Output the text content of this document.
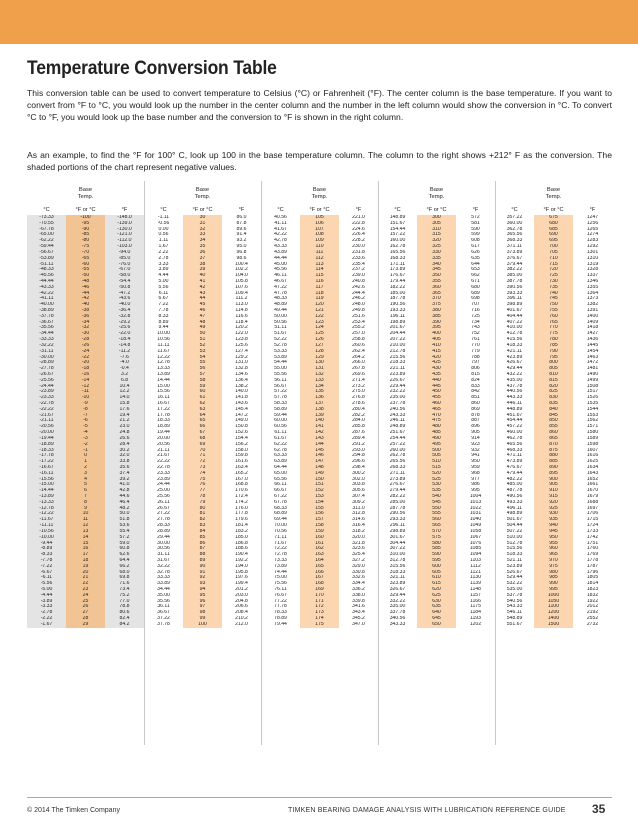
Temperature Conversion Table

This conversion table can be used to convert temperature to Celsius (°C) or Fahrenheit (°F). The center column is the base temperature. If you want to convert from °F to °C, you would look up the number in the center column and the number in the left column would show the conversion in °C. To convert °C to °F, you would look up the base number and the conversion to °F is shown in the right column.

As an example, to find the °F for 100° C, look up 100 in the base temperature column. The column to the right shows +212° F as the conversion. The shaded portions of the chart represent negative values.

Base
Temp.
°C	°F or °C	°F
-73.33	-100	-148.0
-70.55	-95	-139.0
-67.78	-90	-130.0
-65.00	-85	-121.0
-62.22	-80	-112.0
-59.44	-75	-103.0
-56.67	-70	-94.0
-53.89	-65	-85.0
-51.11	-60	-76.0
-48.33	-55	-67.0
-45.56	-50	-58.0
-44.44	-48	-54.4
-43.33	-46	-50.8
-42.22	-44	-47.2
-41.11	-42	-43.6
-40.00	-40	-40.0
-38.89	-38	-36.4
-37.78	-36	-32.8
-36.67	-34	-29.2
-35.56	-32	-25.6
-34.44	-30	-22.0
-33.33	-28	-18.4
-32.22	-26	-14.8
-31.11	-24	-11.2
-30.00	-22	-7.6
-28.89	-20	-4.0
-27.78	-18	-0.4
-26.67	-16	3.2
-25.56	-14	6.8
-24.44	-12	10.4
-23.89	-11	12.2
-23.33	-10	14.0
-22.78	-9	15.8
-22.22	-8	17.6
-21.67	-7	19.4
-21.11	-6	21.2
-20.56	-5	23.0
-20.00	-4	24.8
-19.44	-3	26.6
-18.89	-2	28.4
-18.33	-1	30.2
-17.78	0	32.0
-17.22	1	33.8
-16.67	2	35.6
-16.11	3	37.4
-15.56	4	39.2
-15.00	5	41.0
-14.44	6	42.8
-13.89	7	44.6
-13.33	8	46.4
-12.78	9	48.2
-12.22	10	50.0
-11.67	11	51.8
-11.11	12	53.6
-10.56	13	55.4
-10.00	14	57.2
-9.44	15	59.0
-8.89	16	60.8
-8.33	17	62.6
-7.78	18	64.4
-7.22	19	66.2
-6.67	20	68.0
-6.11	21	69.8
-5.56	22	71.6
-5.00	23	73.4
-4.44	24	75.2
-3.89	25	77.0
-3.33	26	78.8
-2.78	27	80.6
-2.22	28	82.4
-1.67	29	84.2
Base
Temp.
°C	°F or °C	°F
-1.11	30	86.0
-0.56	31	87.8
0.00	32	89.6
0.56	33	91.4
1.11	34	93.2
1.67	35	95.0
2.22	36	96.8
2.78	37	98.6
3.33	38	100.4
3.89	39	102.2
4.44	40	104.0
5.00	41	105.8
5.56	42	107.6
6.11	43	109.4
6.67	44	111.2
7.22	45	113.0
7.78	46	114.8
8.33	47	116.6
8.89	48	118.4
9.44	49	120.2
10.00	50	122.0
10.56	51	123.8
11.11	52	125.6
11.67	53	127.4
12.22	54	129.2
12.78	55	131.0
13.33	56	132.8
13.89	57	134.6
14.44	58	136.4
15.00	59	138.2
15.56	60	140.0
16.11	61	141.8
16.67	62	143.6
17.22	63	145.4
17.78	64	147.2
18.33	65	149.0
18.89	66	150.8
19.44	67	152.6
20.00	68	154.4
20.56	69	156.2
21.11	70	158.0
21.67	71	159.8
22.22	72	161.6
22.78	73	163.4
23.33	74	165.2
23.89	75	167.0
24.44	76	168.8
25.00	77	170.6
25.56	78	172.4
26.11	79	174.2
26.67	80	176.0
27.22	81	177.8
27.78	82	179.6
28.33	83	181.4
28.89	84	183.2
29.44	85	185.0
30.00	86	186.8
30.56	87	188.6
31.11	88	190.4
31.67	89	192.2
32.22	90	194.0
32.78	91	195.8
33.33	92	197.6
33.89	93	199.4
34.44	94	201.2
35.00	95	203.0
35.56	96	204.8
36.11	97	206.6
36.67	98	208.4
37.22	99	210.2
37.78	100	212.0
Base
Temp.
°C	°F or °C	°F
40.56	105	221.0
41.11	106	222.8
41.67	107	224.6
42.22	108	226.4
42.78	109	228.2
43.33	110	230.0
43.89	111	231.8
44.44	112	233.6
45.00	113	235.4
45.56	114	237.2
46.11	115	239.0
46.67	116	240.8
47.22	117	242.6
47.78	118	244.4
48.33	119	246.2
48.89	120	248.0
49.44	121	249.8
50.00	122	251.6
50.56	123	253.4
51.11	124	255.2
51.67	125	257.0
52.22	126	258.8
52.78	127	260.6
53.33	128	262.4
53.89	129	264.2
54.44	130	266.0
55.00	131	267.8
55.56	132	269.6
56.11	133	271.4
56.67	134	273.2
57.22	135	275.0
57.78	136	276.8
58.33	137	278.6
58.89	138	280.4
59.44	139	282.2
60.00	140	284.0
60.56	141	285.8
61.11	142	287.6
61.67	143	289.4
62.22	144	291.2
62.78	145	293.0
63.33	146	294.8
63.89	147	296.6
64.44	148	298.4
65.00	149	300.2
65.56	150	302.0
66.11	151	303.8
66.67	152	305.6
67.22	153	307.4
67.78	154	309.2
68.33	155	311.0
68.89	156	312.8
69.44	157	314.6
70.00	158	316.4
70.56	159	318.2
71.11	160	320.0
71.67	161	321.8
72.22	162	323.6
72.78	163	325.4
73.33	164	327.2
73.89	165	329.0
74.44	166	330.8
75.00	167	332.6
75.56	168	334.4
76.11	169	336.2
76.67	170	338.0
77.22	171	339.8
77.78	172	341.6
78.33	173	343.4
78.89	174	345.2
79.44	175	347.0
Base
Temp.
°C	°F or °C	°F
148.89	300	572
151.67	305	581
154.44	310	590
157.22	315	599
160.00	320	608
162.78	325	617
165.56	330	626
168.33	335	635
171.11	340	644
173.89	345	653
176.67	350	662
179.44	355	671
182.22	360	680
185.00	365	689
187.78	370	698
190.56	375	707
193.33	380	716
196.11	385	725
198.89	390	734
201.67	395	743
204.44	400	752
207.22	405	761
210.00	410	770
212.78	415	779
215.56	420	788
218.33	425	797
221.11	430	806
223.89	435	815
226.67	440	824
229.44	445	833
232.22	450	842
235.00	455	851
237.78	460	860
240.56	465	869
243.33	470	878
246.11	475	887
248.89	480	896
251.67	485	905
254.44	490	914
257.22	495	923
260.00	500	932
262.78	505	941
265.56	510	950
268.33	515	959
271.11	520	968
273.89	525	977
276.67	530	986
279.44	535	995
282.22	540	1004
285.00	545	1013
287.78	550	1022
290.56	555	1031
293.33	560	1040
296.11	565	1049
298.89	570	1058
301.67	575	1067
304.44	580	1076
307.22	585	1085
310.00	590	1094
312.78	595	1103
315.56	600	1112
318.33	605	1121
321.11	610	1130
323.89	615	1139
326.67	620	1148
329.44	625	1157
332.22	630	1166
335.00	635	1175
337.78	640	1184
340.56	645	1193
343.33	650	1202
Base
Temp.
°C	°F or °C	°F
357.22	675	1247
360.00	680	1256
362.78	685	1265
365.56	690	1274
368.33	695	1283
371.11	700	1292
373.89	705	1301
376.67	710	1310
379.44	715	1319
382.22	720	1328
385.00	725	1337
387.78	730	1346
390.56	735	1355
393.33	740	1364
396.11	745	1373
398.89	750	1382
401.67	755	1391
404.44	760	1400
407.22	765	1409
410.00	770	1418
412.78	775	1427
415.56	780	1436
418.33	785	1445
421.11	790	1454
423.89	795	1463
426.67	800	1472
429.44	805	1481
432.22	810	1490
435.00	815	1499
437.78	820	1508
440.56	825	1517
443.33	830	1526
446.11	835	1535
448.89	840	1544
451.67	845	1553
454.44	850	1562
457.22	855	1571
460.00	860	1580
462.78	865	1589
465.56	870	1598
468.33	875	1607
471.11	880	1616
473.89	885	1625
476.67	890	1634
479.44	895	1643
482.22	900	1652
485.00	905	1661
487.78	910	1670
490.56	915	1679
493.33	920	1688
496.11	925	1697
498.89	930	1706
501.67	935	1715
504.44	940	1724
507.22	945	1733
510.00	950	1742
512.78	955	1751
515.56	960	1760
518.33	965	1769
521.11	970	1778
523.89	975	1787
526.67	980	1796
529.44	985	1805
532.22	990	1814
535.00	995	1823
537.78	1000	1832
540.56	1050	1922
543.33	1100	2012
546.11	1200	2192
548.89	1400	2552
551.67	1500	2732
© 2014 The Timken Company	TIMKEN BEARING DAMAGE ANALYSIS WITH LUBRICATION REFERENCE GUIDE 35
